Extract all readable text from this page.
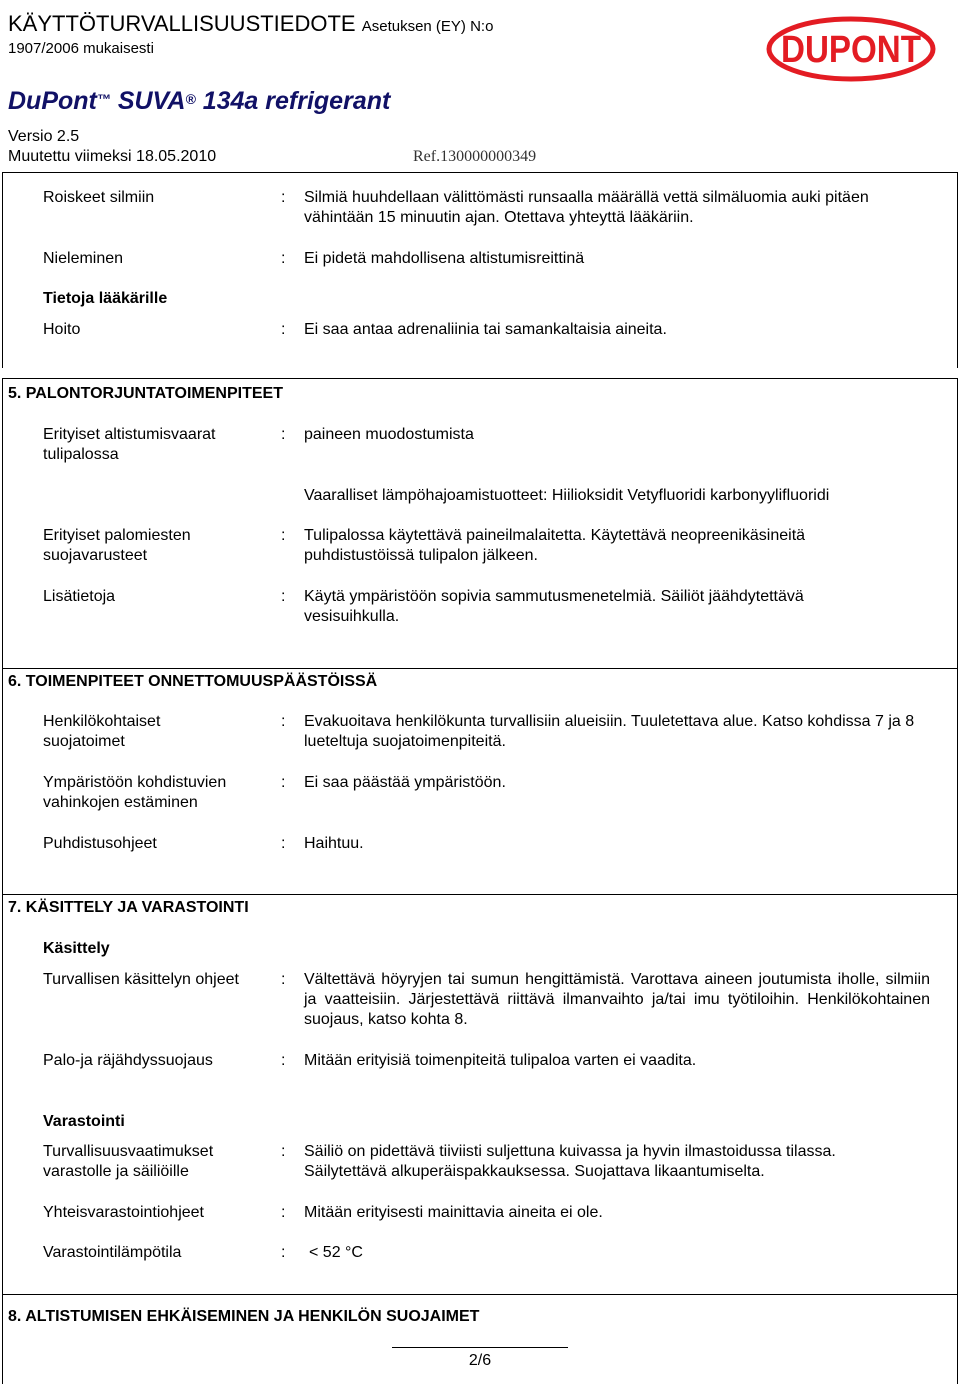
KÄYTTÖTURVALLISUUSTIEDOTE Asetuksen (EY) N:o
1907/2006 mukaisesti
DuPont™ SUVA® 134a refrigerant
Versio 2.5
Muutettu viimeksi 18.05.2010	Ref.130000000349
DUPONT
Roiskeet silmiin	: Silmiä huuhdellaan välittömästi runsaalla määrällä vettä silmäluomia auki pitäen vähintään 15 minuutin ajan. Otettava yhteyttä lääkäriin.
Nieleminen	: Ei pidetä mahdollisena altistumisreittinä
Tietoja lääkärille
Hoito	: Ei saa antaa adrenaliinia tai samankaltaisia aineita.
5. PALONTORJUNTATOIMENPITEET
Erityiset altistumisvaarat
tulipalossa
: paineen muodostumista
Vaaralliset lämpöhajoamistuotteet: Hiilioksidit Vetyfluoridi karbonyylifluoridi
Erityiset palomiesten
suojavarusteet
: Tulipalossa käytettävä paineilmalaitetta. Käytettävä neopreenikäsineitä puhdistustöissä tulipalon jälkeen.
Lisätietoja	: Käytä ympäristöön sopivia sammutusmenetelmiä. Säiliöt jäähdytettävä vesisuihkulla.
6. TOIMENPITEET ONNETTOMUUSPÄÄSTÖISSÄ
Henkilökohtaiset
suojatoimet
: Evakuoitava henkilökunta turvallisiin alueisiin. Tuuletettava alue. Katso kohdissa 7 ja 8 lueteltuja suojatoimenpiteitä.
Ympäristöön kohdistuvien
vahinkojen estäminen
: Ei saa päästää ympäristöön.
Puhdistusohjeet	: Haihtuu.
7. KÄSITTELY JA VARASTOINTI
Käsittely
Turvallisen käsittelyn ohjeet	: Vältettävä höyryjen tai sumun hengittämistä. Varottava aineen joutumista iholle, silmiin ja vaatteisiin. Järjestettävä riittävä ilmanvaihto ja/tai imu työtiloihin. Henkilökohtainen suojaus, katso kohta 8.
Palo-ja räjähdyssuojaus	: Mitään erityisiä toimenpiteitä tulipaloa varten ei vaadita.
Varastointi
Turvallisuusvaatimukset
varastolle ja säiliöille
: Säiliö on pidettävä tiiviisti suljettuna kuivassa ja hyvin ilmastoidussa tilassa. Säilytettävä alkuperäispakkauksessa. Suojattava likaantumiselta.
Yhteisvarastointiohjeet	: Mitään erityisesti mainittavia aineita ei ole.
Varastointilämpötila	: < 52 °C
8. ALTISTUMISEN EHKÄISEMINEN JA HENKILÖN SUOJAIMET
2/6
